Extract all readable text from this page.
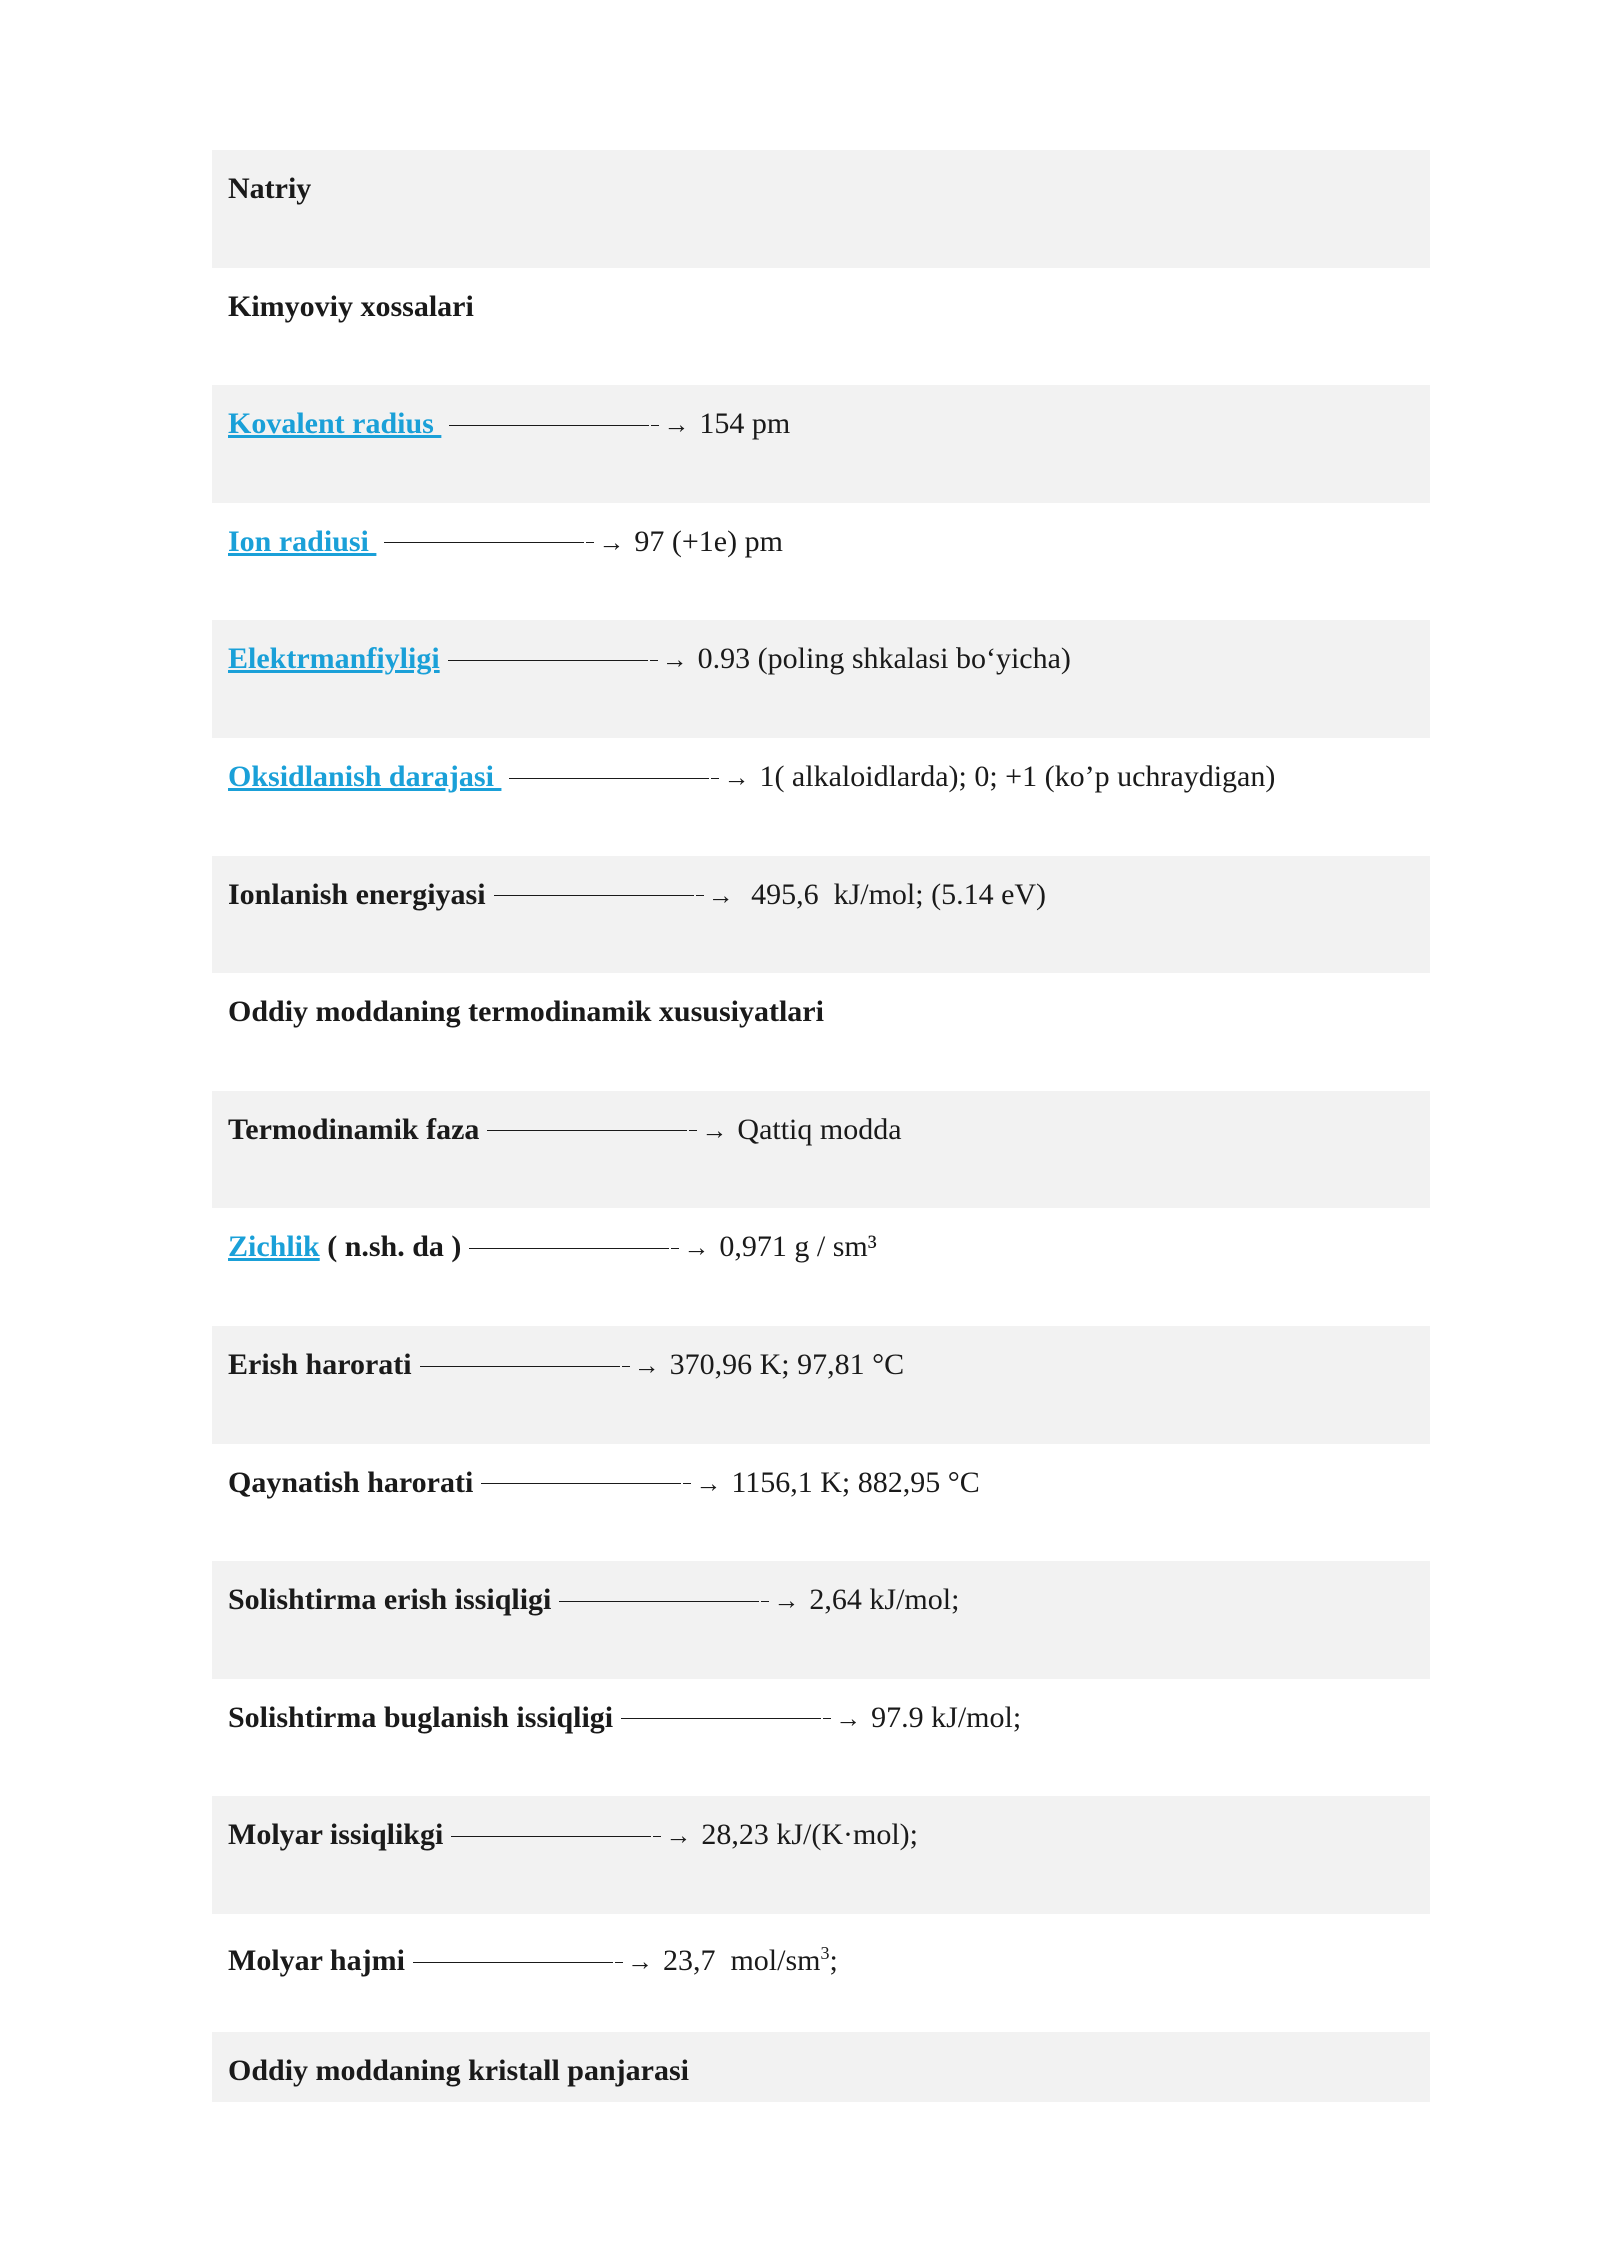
Natriy
Kimyoviy xossalari
Kovalent radius	→ 154 pm
Ion radiusi	→ 97 (+1e) pm
Elektrmanfiyligi	→ 0.93 (poling shkalasi bo‘yicha)
Oksidlanish darajasi	→ 1( alkaloidlarda); 0; +1 (ko’p uchraydigan)
Ionlanish energiyasi	→ 495,6  kJ/mol; (5.14 eV)
Oddiy moddaning termodinamik xususiyatlari
Termodinamik faza	→ Qattiq modda
Zichlik ( n.sh. da )	→ 0,971 g / sm³
Erish harorati	→ 370,96 K; 97,81 °C
Qaynatish harorati	→ 1156,1 K; 882,95 °C
Solishtirma erish issiqligi	→ 2,64 kJ/mol;
Solishtirma buglanish issiqligi	→ 97.9 kJ/mol;
Molyar issiqlikgi	→ 28,23 kJ/(K·mol);
Molyar hajmi	→ 23,7  mol/$sm^3$;
Oddiy moddaning kristall panjarasi
